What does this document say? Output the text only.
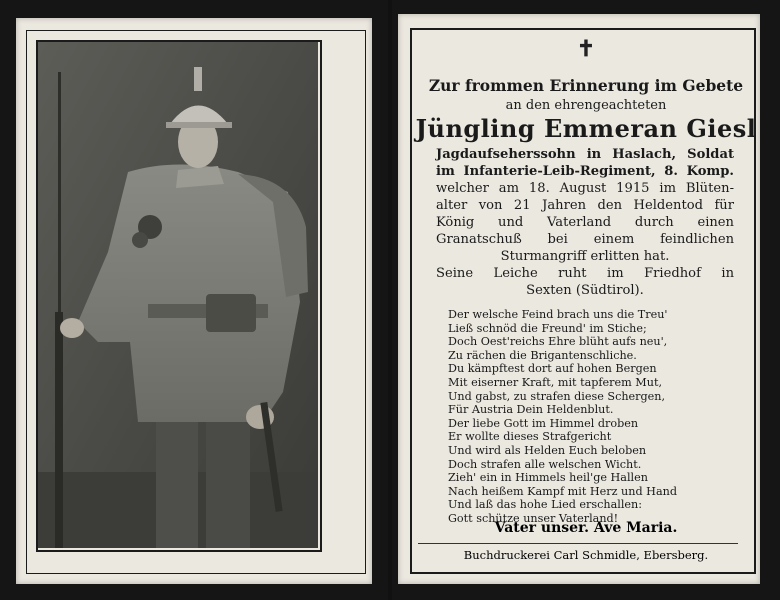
✝
Zur frommen Erinnerung im Gebete
an den ehrengeachteten
Jüngling Emmeran Giesl
Jagdaufseherssohn in Haslach, Soldat
im Infanterie-Leib-Regiment, 8. Komp.
welcher am 18. August 1915 im Blüten-
alter von 21 Jahren den Heldentod für
König und Vaterland durch einen
Granatschuß bei einem feindlichen
Sturmangriff erlitten hat.
Seine Leiche ruht im Friedhof in
Sexten (Südtirol).
Der welsche Feind brach uns die Treu'
Ließ schnöd die Freund' im Stiche;
Doch Oest'reichs Ehre blüht aufs neu',
Zu rächen die Brigantenschliche.
Du kämpftest dort auf hohen Bergen
Mit eiserner Kraft, mit tapferem Mut,
Und gabst, zu strafen diese Schergen,
Für Austria Dein Heldenblut.
Der liebe Gott im Himmel droben
Er wollte dieses Strafgericht
Und wird als Helden Euch beloben
Doch strafen alle welschen Wicht.
Zieh' ein in Himmels heil'ge Hallen
Nach heißem Kampf mit Herz und Hand
Und laß das hohe Lied erschallen:
Gott schütze unser Vaterland!
Vater unser. Ave Maria.
Buchdruckerei Carl Schmidle, Ebersberg.
